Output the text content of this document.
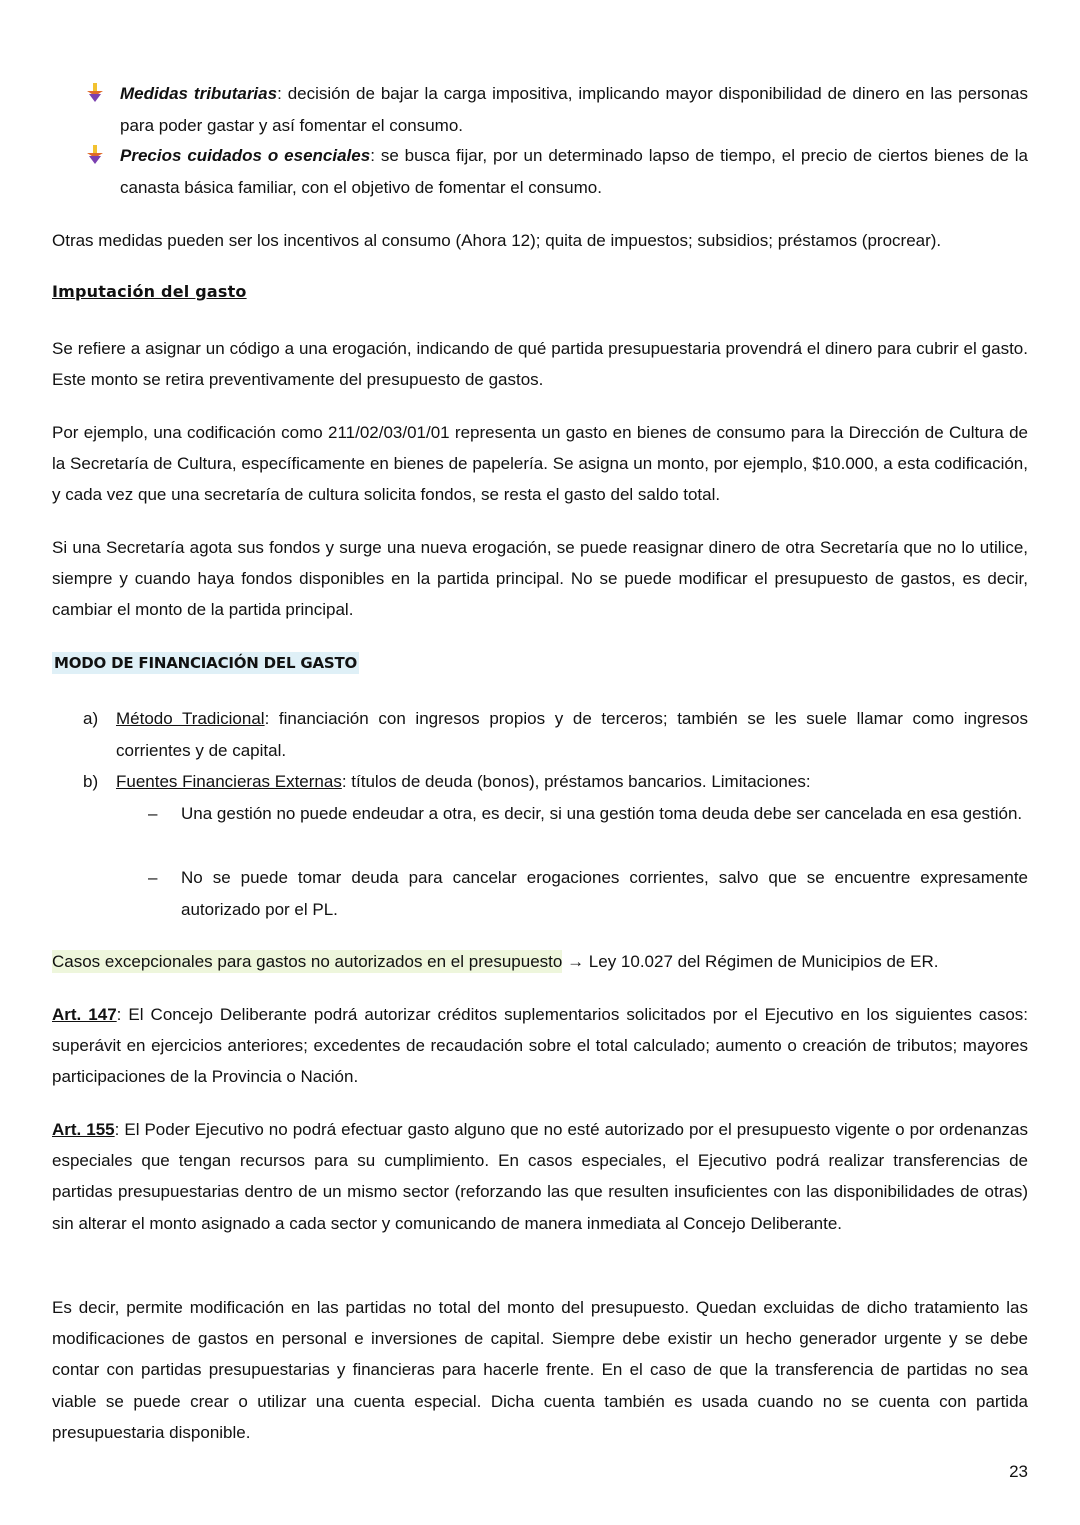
Medidas tributarias: decisión de bajar la carga impositiva, implicando mayor disponibilidad de dinero en las personas para poder gastar y así fomentar el consumo.
Precios cuidados o esenciales: se busca fijar, por un determinado lapso de tiempo, el precio de ciertos bienes de la canasta básica familiar, con el objetivo de fomentar el consumo.
Otras medidas pueden ser los incentivos al consumo (Ahora 12); quita de impuestos; subsidios; préstamos (procrear).
Imputación del gasto
Se refiere a asignar un código a una erogación, indicando de qué partida presupuestaria provendrá el dinero para cubrir el gasto. Este monto se retira preventivamente del presupuesto de gastos.
Por ejemplo, una codificación como 211/02/03/01/01 representa un gasto en bienes de consumo para la Dirección de Cultura de la Secretaría de Cultura, específicamente en bienes de papelería. Se asigna un monto, por ejemplo, $10.000, a esta codificación, y cada vez que una secretaría de cultura solicita fondos, se resta el gasto del saldo total.
Si una Secretaría agota sus fondos y surge una nueva erogación, se puede reasignar dinero de otra Secretaría que no lo utilice, siempre y cuando haya fondos disponibles en la partida principal. No se puede modificar el presupuesto de gastos, es decir, cambiar el monto de la partida principal.
MODO DE FINANCIACIÓN DEL GASTO
a) Método Tradicional: financiación con ingresos propios y de terceros; también se les suele llamar como ingresos corrientes y de capital.
b) Fuentes Financieras Externas: títulos de deuda (bonos), préstamos bancarios. Limitaciones:
– Una gestión no puede endeudar a otra, es decir, si una gestión toma deuda debe ser cancelada en esa gestión.
– No se puede tomar deuda para cancelar erogaciones corrientes, salvo que se encuentre expresamente autorizado por el PL.
Casos excepcionales para gastos no autorizados en el presupuesto → Ley 10.027 del Régimen de Municipios de ER.
Art. 147: El Concejo Deliberante podrá autorizar créditos suplementarios solicitados por el Ejecutivo en los siguientes casos: superávit en ejercicios anteriores; excedentes de recaudación sobre el total calculado; aumento o creación de tributos; mayores participaciones de la Provincia o Nación.
Art. 155: El Poder Ejecutivo no podrá efectuar gasto alguno que no esté autorizado por el presupuesto vigente o por ordenanzas especiales que tengan recursos para su cumplimiento. En casos especiales, el Ejecutivo podrá realizar transferencias de partidas presupuestarias dentro de un mismo sector (reforzando las que resulten insuficientes con las disponibilidades de otras) sin alterar el monto asignado a cada sector y comunicando de manera inmediata al Concejo Deliberante.
Es decir, permite modificación en las partidas no total del monto del presupuesto. Quedan excluidas de dicho tratamiento las modificaciones de gastos en personal e inversiones de capital. Siempre debe existir un hecho generador urgente y se debe contar con partidas presupuestarias y financieras para hacerle frente. En el caso de que la transferencia de partidas no sea viable se puede crear o utilizar una cuenta especial. Dicha cuenta también es usada cuando no se cuenta con partida presupuestaria disponible.
23
